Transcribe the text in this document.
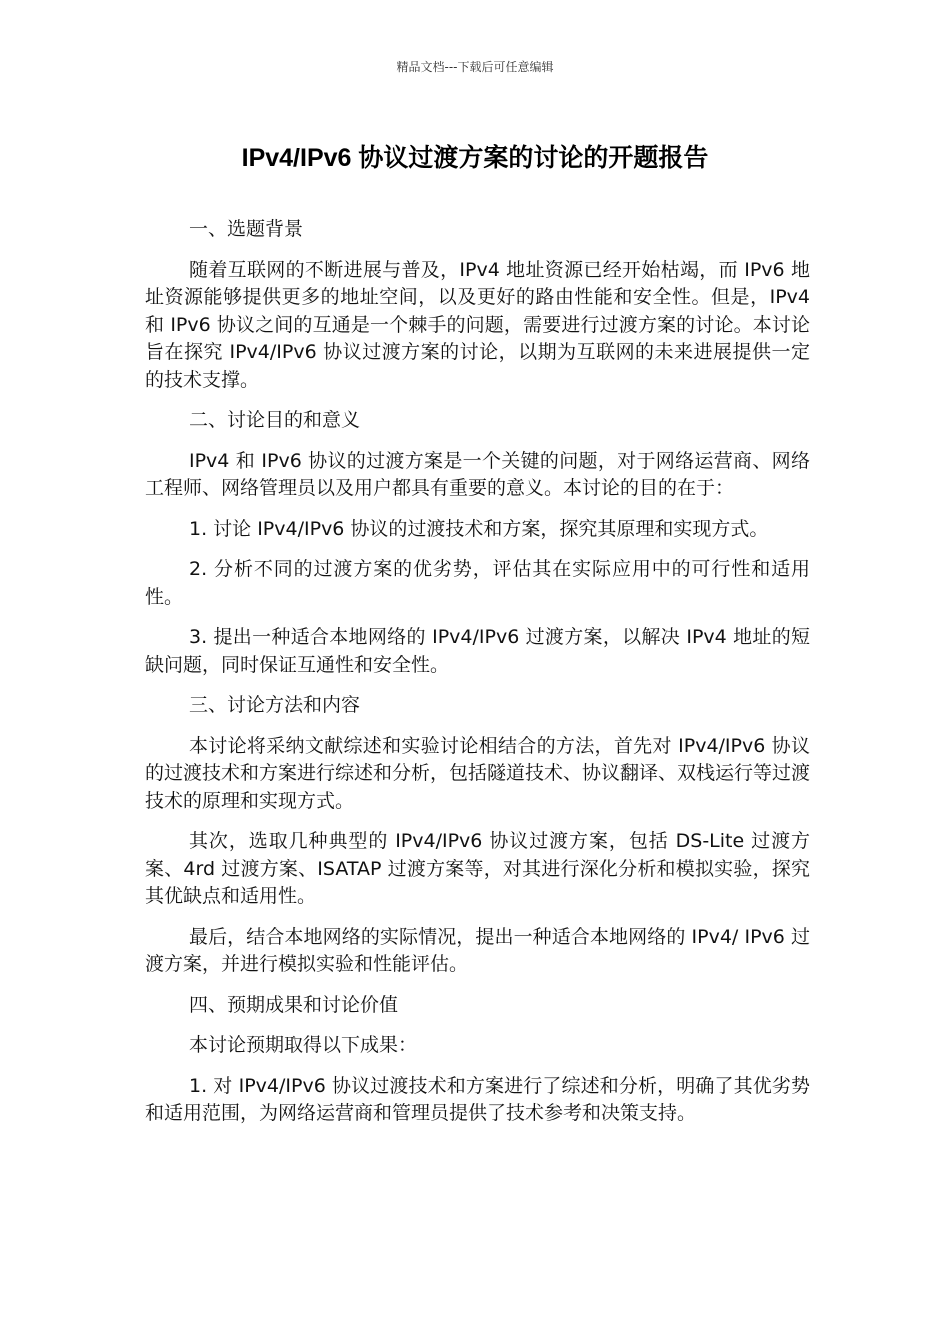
精品文档---下载后可任意编辑
IPv4/IPv6 协议过渡方案的讨论的开题报告

一、选题背景

随着互联网的不断进展与普及，IPv4 地址资源已经开始枯竭，而 IPv6 地址资源能够提供更多的地址空间，以及更好的路由性能和安全性。但是，IPv4 和 IPv6 协议之间的互通是一个棘手的问题，需要进行过渡方案的讨论。本讨论旨在探究 IPv4/IPv6 协议过渡方案的讨论，以期为互联网的未来进展提供一定的技术支撑。

二、讨论目的和意义

IPv4 和 IPv6 协议的过渡方案是一个关键的问题，对于网络运营商、网络工程师、网络管理员以及用户都具有重要的意义。本讨论的目的在于：

1. 讨论 IPv4/IPv6 协议的过渡技术和方案，探究其原理和实现方式。

2. 分析不同的过渡方案的优劣势，评估其在实际应用中的可行性和适用性。

3. 提出一种适合本地网络的 IPv4/IPv6 过渡方案，以解决 IPv4 地址的短缺问题，同时保证互通性和安全性。

三、讨论方法和内容

本讨论将采纳文献综述和实验讨论相结合的方法，首先对 IPv4/IPv6 协议的过渡技术和方案进行综述和分析，包括隧道技术、协议翻译、双栈运行等过渡技术的原理和实现方式。

其次，选取几种典型的 IPv4/IPv6 协议过渡方案，包括 DS-Lite 过渡方案、4rd 过渡方案、ISATAP 过渡方案等，对其进行深化分析和模拟实验，探究其优缺点和适用性。

最后，结合本地网络的实际情况，提出一种适合本地网络的 IPv4/ IPv6 过渡方案，并进行模拟实验和性能评估。

四、预期成果和讨论价值

本讨论预期取得以下成果：

1. 对 IPv4/IPv6 协议过渡技术和方案进行了综述和分析，明确了其优劣势和适用范围，为网络运营商和管理员提供了技术参考和决策支持。
